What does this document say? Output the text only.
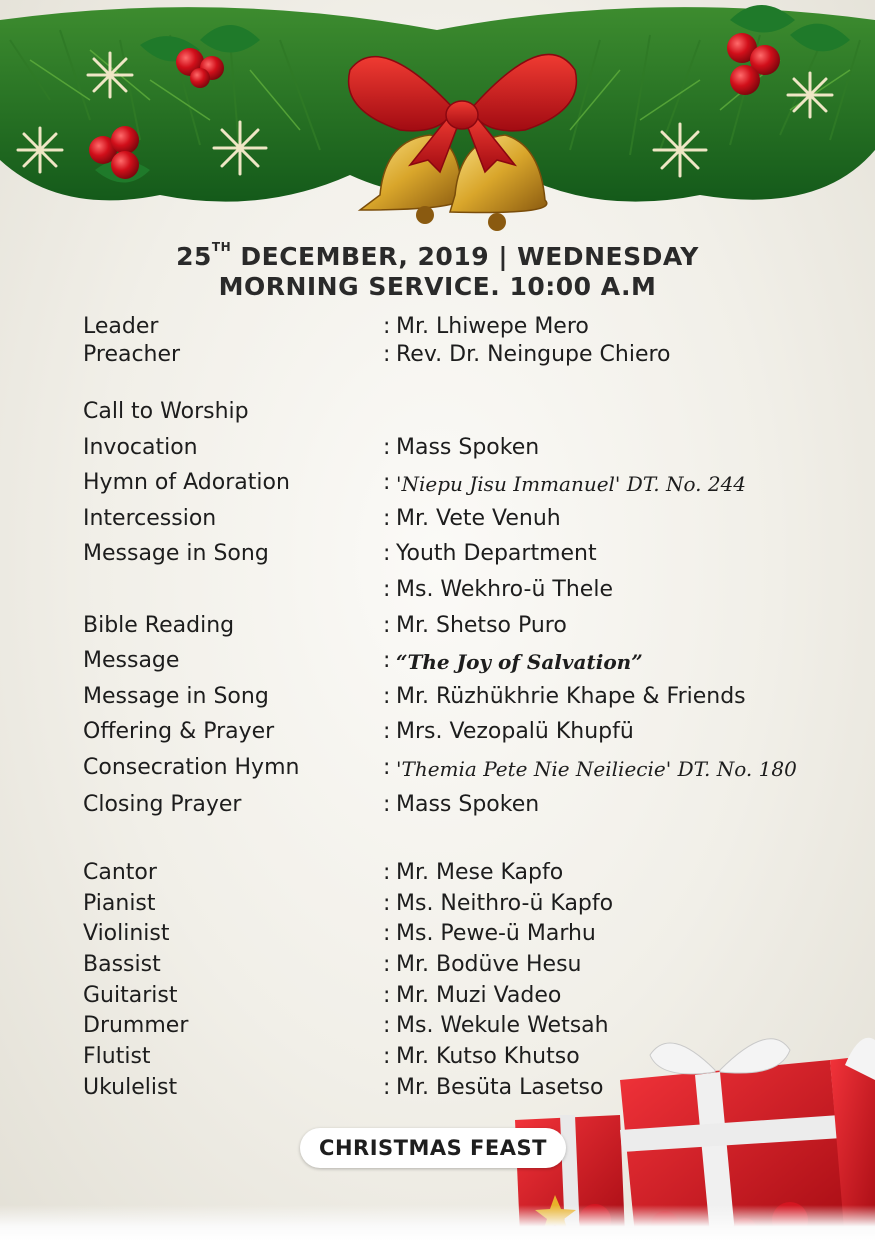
25TH DECEMBER, 2019 | WEDNESDAY
MORNING SERVICE. 10:00 A.M
Leader	: Mr. Lhiwepe Mero
Preacher	: Rev. Dr. Neingupe Chiero
Call to Worship
Invocation	: Mass Spoken
Hymn of Adoration	: 'Niepu Jisu Immanuel' DT. No. 244
Intercession	: Mr. Vete Venuh
Message in Song	: Youth Department
: Ms. Wekhro-ü Thele
Bible Reading	: Mr. Shetso Puro
Message	: “The Joy of Salvation”
Message in Song	: Mr. Rüzhükhrie Khape & Friends
Offering & Prayer	: Mrs. Vezopalü Khupfü
Consecration Hymn	: 'Themia Pete Nie Neiliecie' DT. No. 180
Closing Prayer	: Mass Spoken
Cantor	: Mr. Mese Kapfo
Pianist	: Ms. Neithro-ü Kapfo
Violinist	: Ms. Pewe-ü Marhu
Bassist	: Mr. Bodüve Hesu
Guitarist	: Mr. Muzi Vadeo
Drummer	: Ms. Wekule Wetsah
Flutist	: Mr. Kutso Khutso
Ukulelist	: Mr. Besüta Lasetso
CHRISTMAS FEAST
